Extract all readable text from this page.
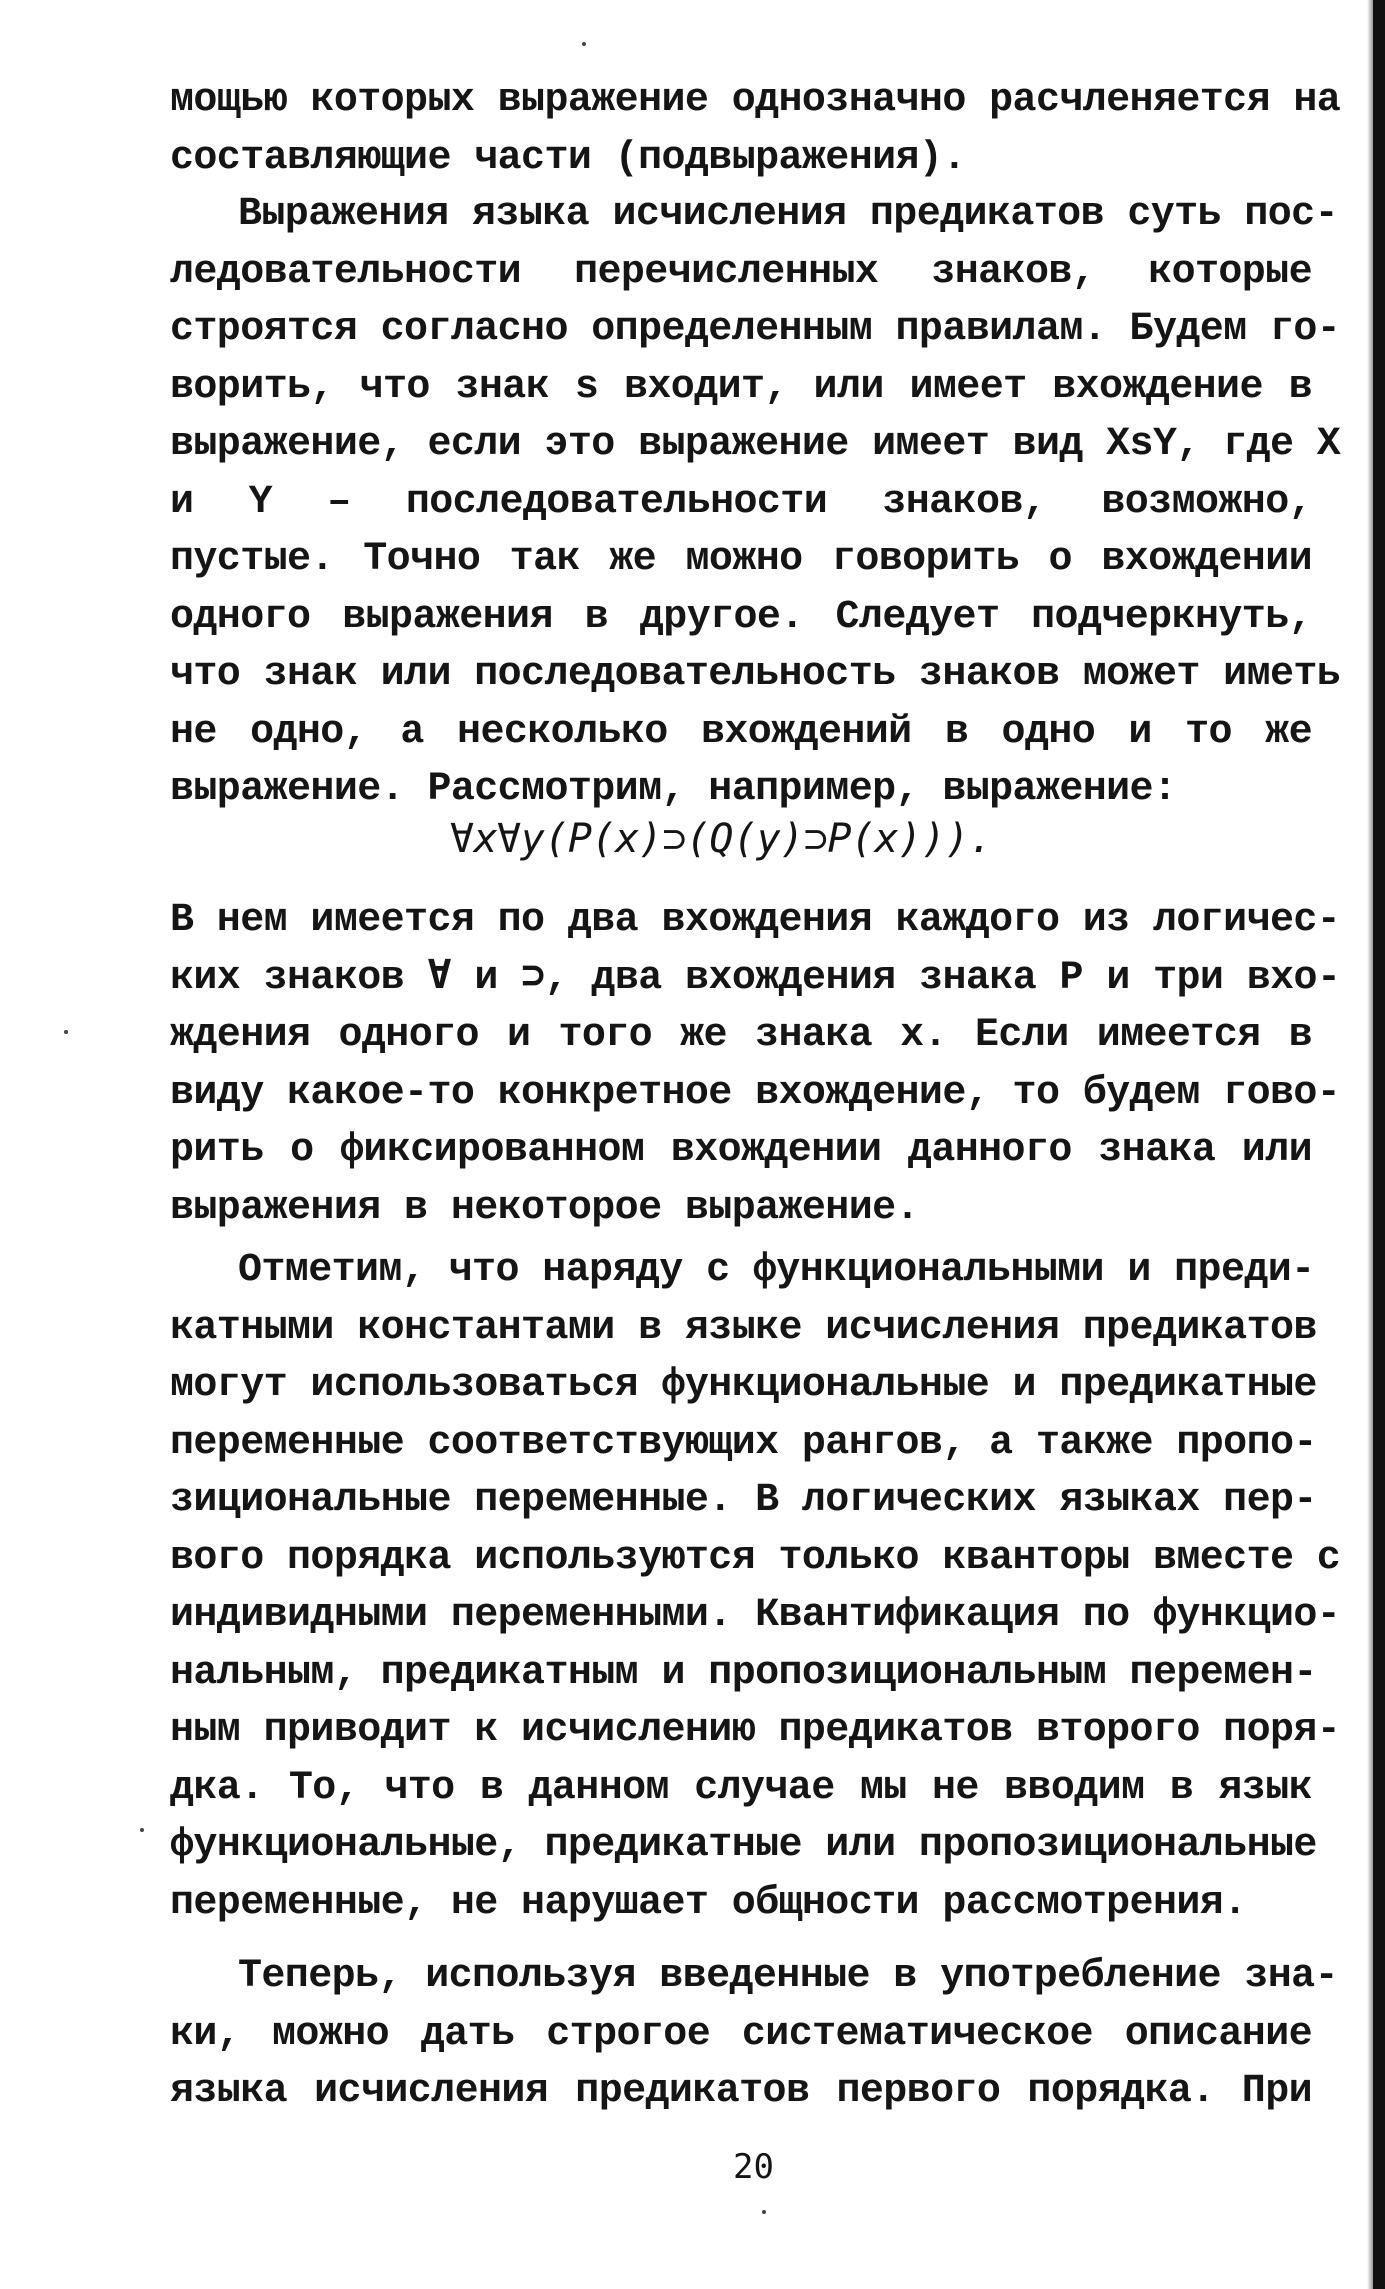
мощью которых выражение однозначно расчленяется на
составляющие части (подвыражения).
Выражения языка исчисления предикатов суть пос-
ледовательности перечисленных знаков, которые
строятся согласно определенным правилам. Будем го-
ворить, что знак s входит, или имеет вхождение в
выражение, если это выражение имеет вид XsY, где X
и Y – последовательности знаков, возможно,
пустые. Точно так же можно говорить о вхождении
одного выражения в другое. Следует подчеркнуть,
что знак или последовательность знаков может иметь
не одно, а несколько вхождений в одно и то же
выражение. Рассмотрим, например, выражение:
∀x∀y(P(x)⊃(Q(y)⊃P(x))).
В нем имеется по два вхождения каждого из логичес-
ких знаков ∀ и ⊃, два вхождения знака P и три вхо-
ждения одного и того же знака x. Если имеется в
виду какое-то конкретное вхождение, то будем гово-
рить о фиксированном вхождении данного знака или
выражения в некоторое выражение.
Отметим, что наряду с функциональными и преди-
катными константами в языке исчисления предикатов
могут использоваться функциональные и предикатные
переменные соответствующих рангов, а также пропо-
зициональные переменные. В логических языках пер-
вого порядка используются только кванторы вместе с
индивидными переменными. Квантификация по функцио-
нальным, предикатным и пропозициональным перемен-
ным приводит к исчислению предикатов второго поря-
дка. То, что в данном случае мы не вводим в язык
функциональные, предикатные или пропозициональные
переменные, не нарушает общности рассмотрения.
Теперь, используя введенные в употребление зна-
ки, можно дать строгое систематическое описание
языка исчисления предикатов первого порядка. При
20
